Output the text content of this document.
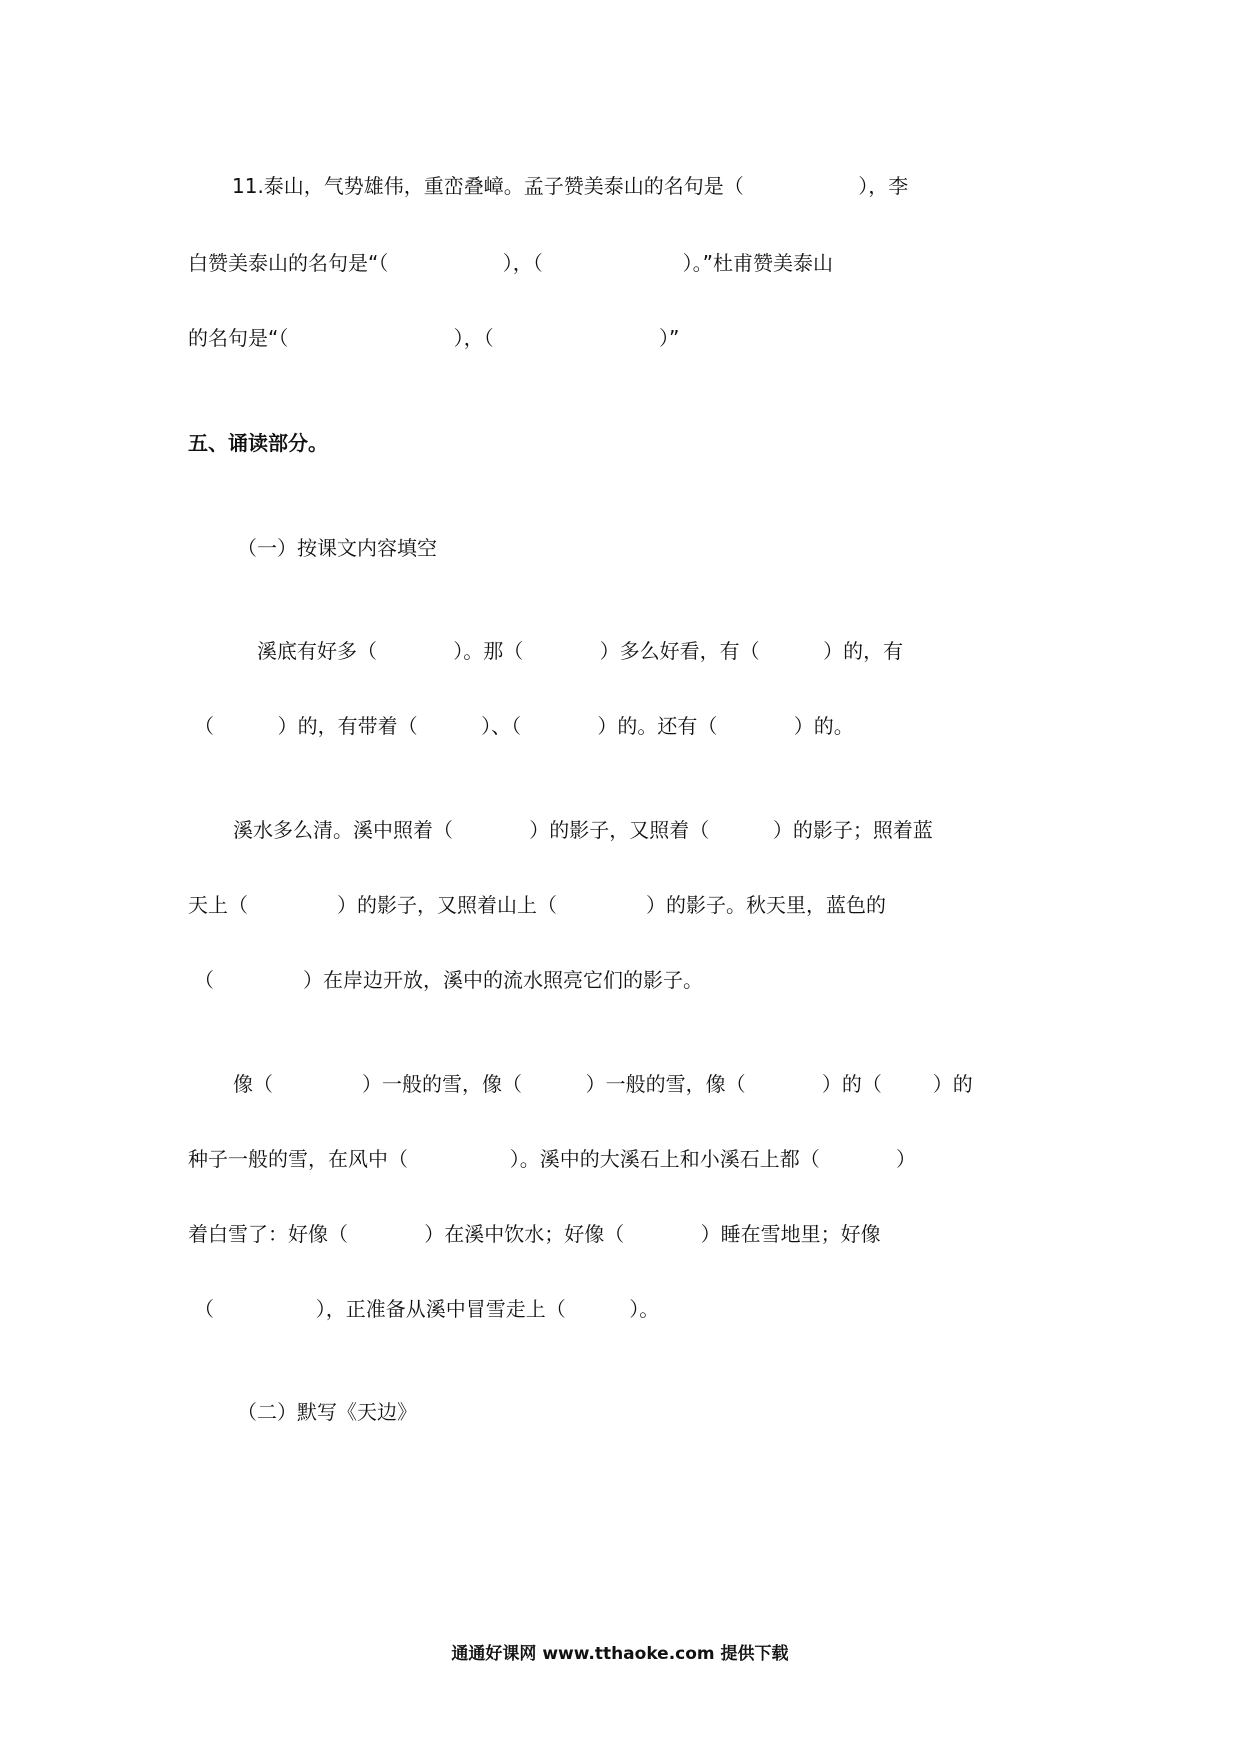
11.泰山，气势雄伟，重峦叠嶂。孟子赞美泰山的名句是（                  ），李
白赞美泰山的名句是“（                  ），（                      ）。”杜甫赞美泰山
的名句是“（                          ），（                          ）”
五、诵读部分。
（一）按课文内容填空
溪底有好多（            ）。那（            ）多么好看，有（          ）的，有
（          ）的，有带着（          ）、（            ）的。还有（            ）的。
溪水多么清。溪中照着（            ）的影子，又照着（          ）的影子；照着蓝
天上（              ）的影子，又照着山上（              ）的影子。秋天里，蓝色的
（              ）在岸边开放，溪中的流水照亮它们的影子。
像（              ）一般的雪，像（          ）一般的雪，像（            ）的（        ）的
种子一般的雪，在风中（                ）。溪中的大溪石上和小溪石上都（            ）
着白雪了：好像（            ）在溪中饮水；好像（            ）睡在雪地里；好像
（                ），正准备从溪中冒雪走上（          ）。
（二）默写《天边》
通通好课网 www.tthaoke.com 提供下载
